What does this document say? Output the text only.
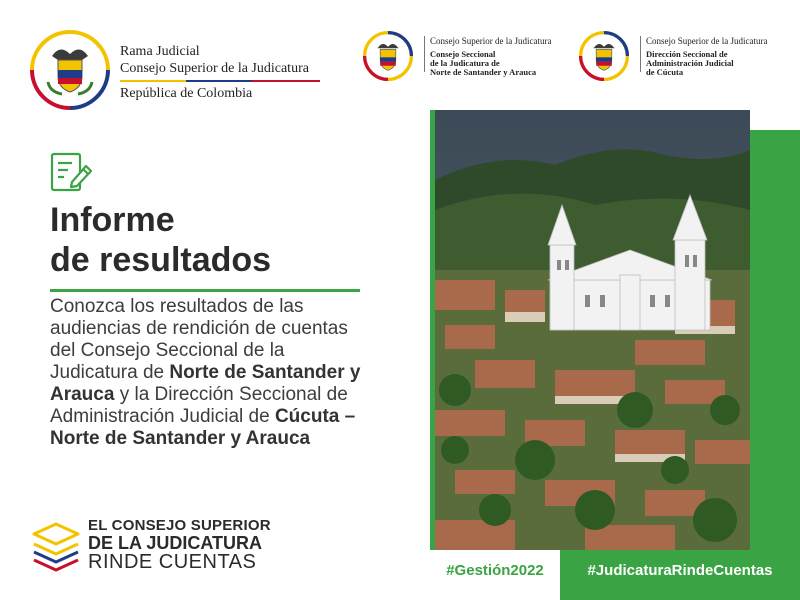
Rama Judicial
Consejo Superior de la Judicatura
República de Colombia
Consejo Superior de la Judicatura
Consejo Seccional
de la Judicatura de
Norte de Santander y Arauca
Consejo Superior de la Judicatura
Dirección Seccional de
Administración Judicial
de Cúcuta
Informe
de resultados
Conozca los resultados de las audiencias de rendición de cuentas del Consejo Seccional de la Judicatura de Norte de Santander y Arauca y la Dirección Seccional de Administración Judicial de Cúcuta – Norte de Santander y Arauca
EL CONSEJO SUPERIOR
DE LA JUDICATURA
RINDE CUENTAS	#Gestión2022	#JudicaturaRindeCuentas
